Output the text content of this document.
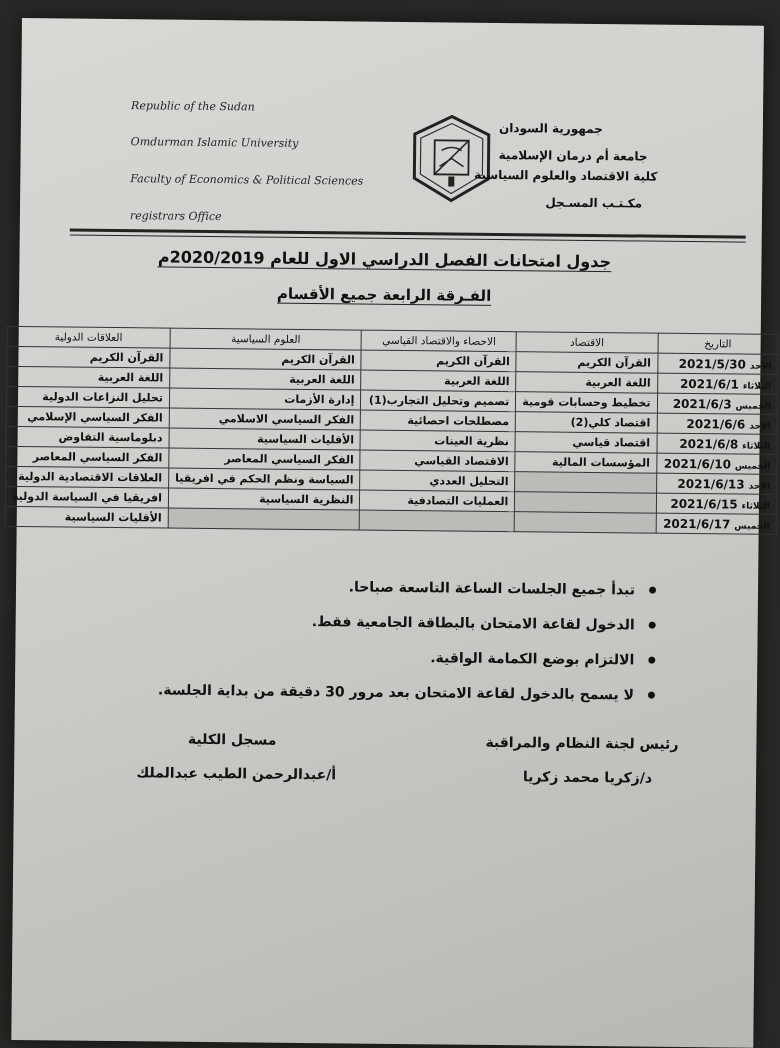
Republic of the Sudan
Omdurman Islamic University
Faculty of Economics & Political Sciences
registrars Office
جمهورية السودان
جامعة أم درمان الإسلامية
كلية الاقتصاد والعلوم السياسية
مكـتـب المسـجل
جدول امتحانات الفصل الدراسي الاول للعام 2020/2019م
الفـرقة الرابعة جميع الأقسام
التاريخ	الاقتصاد	الاحصاء والاقتصاد القياسي	العلوم السياسية	العلاقات الدولية
الاحد2021/5/30	القرآن الكريم	القرآن الكريم	القرآن الكريم	القرآن الكريم
الثلاثاء2021/6/1	اللغة العربية	اللغة العربية	اللغة العربية	اللغة العربية
الخميس2021/6/3	تخطيط وحسابات قومية	تصميم وتحليل التجارب(1)	إدارة الأزمات	تحليل النزاعات الدولية
الاحد2021/6/6	اقتصاد كلي(2)	مصطلحات احصائية	الفكر السياسي الاسلامي	الفكر السياسي الإسلامي
الثلاثاء2021/6/8	اقتصاد قياسي	نظرية العينات	الأقليات السياسية	دبلوماسية التفاوض
الخميس2021/6/10	المؤسسات المالية	الاقتصاد القياسي	الفكر السياسي المعاصر	الفكر السياسي المعاصر
الاحد2021/6/13		التحليل العددي	السياسة ونظم الحكم في افريقيا	العلاقات الاقتصادية الدولية
الثلاثاء2021/6/15		العمليات التصادفية	النظرية السياسية	افريقيا في السياسة الدولية
الخميس2021/6/17				الأقليات السياسية
تبدأ جميع الجلسات الساعة التاسعة صباحا.
الدخول لقاعة الامتحان بالبطاقة الجامعية فقط.
الالتزام بوضع الكمامة الواقية.
لا يسمح بالدخول لقاعة الامتحان بعد مرور 30 دقيقة من بداية الجلسة.
رئيس لجنة النظام والمراقبة
د/زكريا محمد زكريا
مسجل الكلية
أ/عبدالرحمن الطيب عبدالملك
